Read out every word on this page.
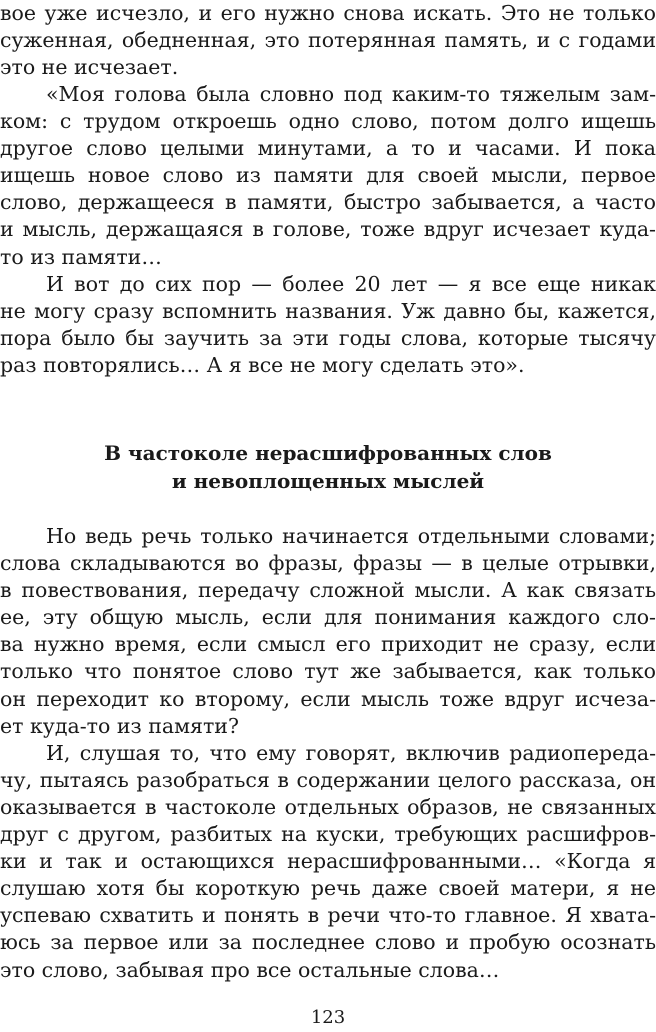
вое уже исчезло, и его нужно снова искать. Это не только
суженная, обедненная, это потерянная память, и с годами
это не исчезает.
«Моя голова была словно под каким-то тяжелым зам-
ком: с трудом откроешь одно слово, потом долго ищешь
другое слово целыми минутами, а то и часами. И пока
ищешь новое слово из памяти для своей мысли, первое
слово, держащееся в памяти, быстро забывается, а часто
и мысль, держащаяся в голове, тоже вдруг исчезает куда-
то из памяти…
И вот до сих пор — более 20 лет — я все еще никак
не могу сразу вспомнить названия. Уж давно бы, кажется,
пора было бы заучить за эти годы слова, которые тысячу
раз повторялись… А я все не могу сделать это».
В частоколе нерасшифрованных слов
и невоплощенных мыслей
Но ведь речь только начинается отдельными словами;
слова складываются во фразы, фразы — в целые отрывки,
в повествования, передачу сложной мысли. А как связать
ее, эту общую мысль, если для понимания каждого сло-
ва нужно время, если смысл его приходит не сразу, если
только что понятое слово тут же забывается, как только
он переходит ко второму, если мысль тоже вдруг исчеза-
ет куда-то из памяти?
И, слушая то, что ему говорят, включив радиопереда-
чу, пытаясь разобраться в содержании целого рассказа, он
оказывается в частоколе отдельных образов, не связанных
друг с другом, разбитых на куски, требующих расшифров-
ки и так и остающихся нерасшифрованными… «Когда я
слушаю хотя бы короткую речь даже своей матери, я не
успеваю схватить и понять в речи что-то главное. Я хвата-
юсь за первое или за последнее слово и пробую осознать
это слово, забывая про все остальные слова…
123
